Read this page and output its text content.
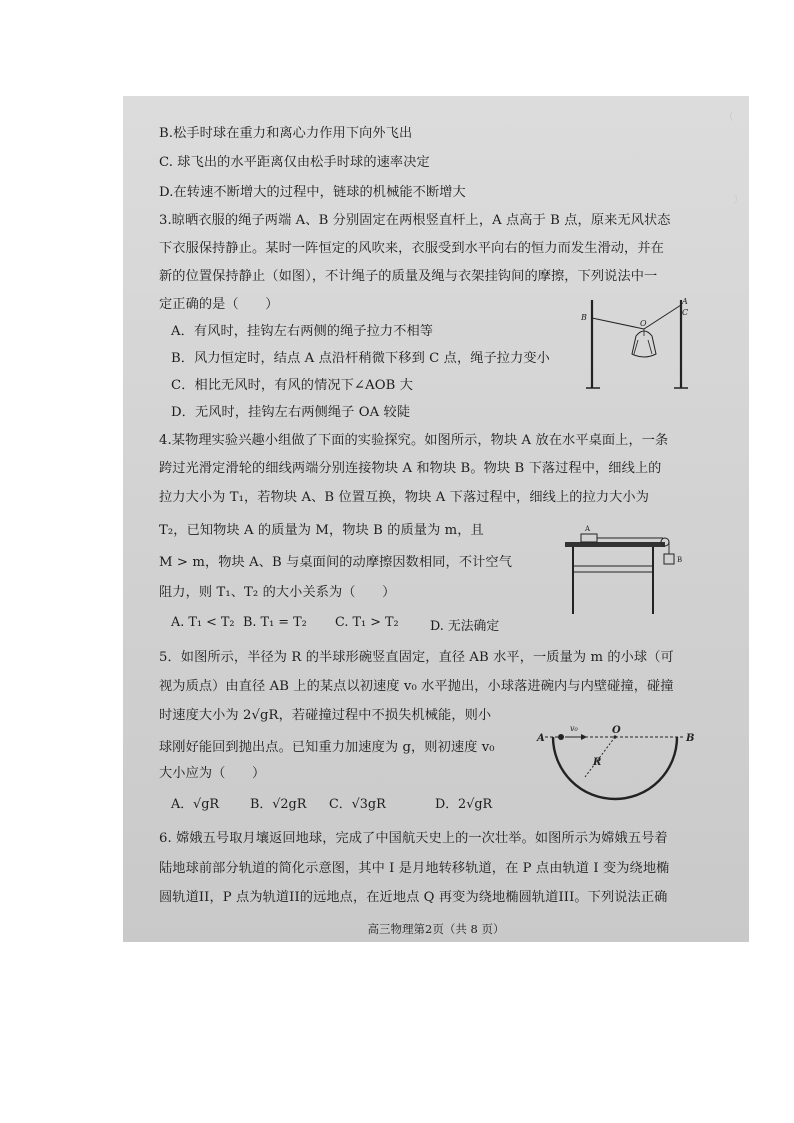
（
）
B.松手时球在重力和离心力作用下向外飞出
C. 球飞出的水平距离仅由松手时球的速率决定
D.在转速不断增大的过程中，链球的机械能不断增大
3.晾晒衣服的绳子两端 A、B 分别固定在两根竖直杆上，A 点高于 B 点，原来无风状态
下衣服保持静止。某时一阵恒定的风吹来，衣服受到水平向右的恒力而发生滑动，并在
新的位置保持静止（如图），不计绳子的质量及绳与衣架挂钩间的摩擦，下列说法中一
定正确的是（　　）
A．有风时，挂钩左右两侧的绳子拉力不相等
B．风力恒定时，结点 A 点沿杆稍微下移到 C 点，绳子拉力变小
C．相比无风时，有风的情况下∠AOB 大
D．无风时，挂钩左右两侧绳子 OA 较陡
B
O
A
C
4.某物理实验兴趣小组做了下面的实验探究。如图所示，物块 A 放在水平桌面上，一条
跨过光滑定滑轮的细线两端分别连接物块 A 和物块 B。物块 B 下落过程中，细线上的
拉力大小为 T₁，若物块 A、B 位置互换，物块 A 下落过程中，细线上的拉力大小为
T₂，已知物块 A 的质量为 M，物块 B 的质量为 m，且
M > m，物块 A、B 与桌面间的动摩擦因数相同，不计空气
阻力，则 T₁、T₂ 的大小关系为（　　）
A
B
A. T₁ < T₂ B. T₁ = T₂ C. T₁ > T₂ D. 无法确定
5．如图所示，半径为 R 的半球形碗竖直固定，直径 AB 水平，一质量为 m 的小球（可
视为质点）由直径 AB 上的某点以初速度 v₀ 水平抛出，小球落进碗内与内壁碰撞，碰撞
时速度大小为 2√gR，若碰撞过程中不损失机械能，则小
球刚好能回到抛出点。已知重力加速度为 g，则初速度 v₀
大小应为（　　）
A	B
O
R
v₀
A．√gR B．√2gR C．√3gR	D．2√gR
6. 嫦娥五号取月壤返回地球，完成了中国航天史上的一次壮举。如图所示为嫦娥五号着
陆地球前部分轨道的简化示意图，其中 I 是月地转移轨道，在 P 点由轨道 I 变为绕地椭
圆轨道II，P 点为轨道II的远地点，在近地点 Q 再变为绕地椭圆轨道III。下列说法正确
高三物理第2页（共 8 页）
